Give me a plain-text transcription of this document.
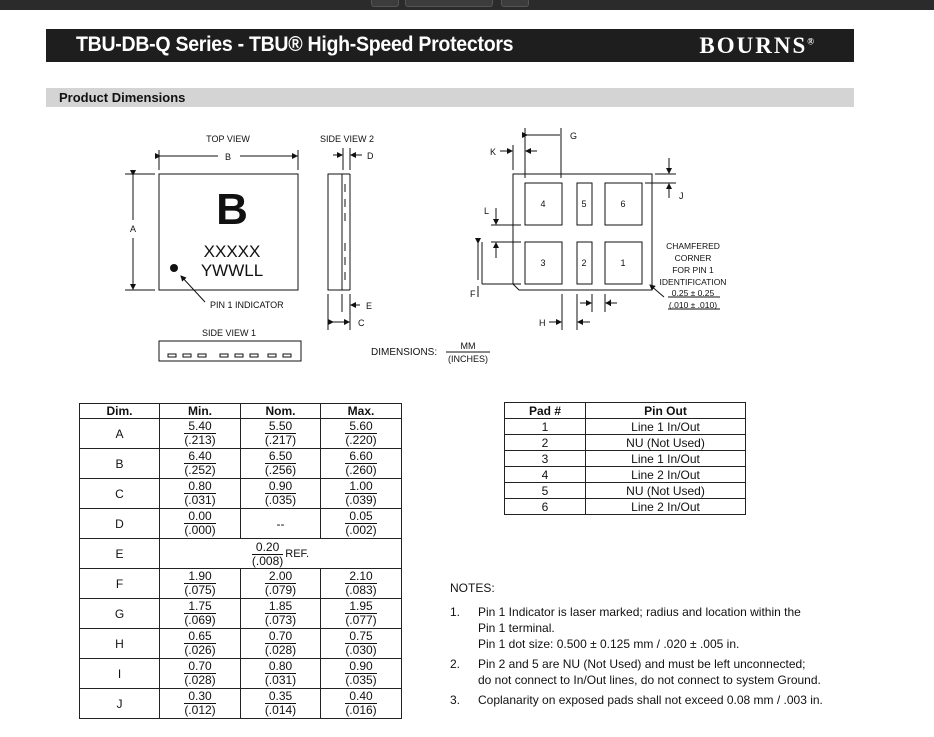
TBU-DB-Q Series - TBU® High-Speed Protectors	BOURNS®
Product Dimensions
TOP VIEW
B
A B
XXXXX
YWWLL
PIN 1 INDICATOR
SIDE VIEW 2
D
E
C
SIDE VIEW 1
DIMENSIONS:
MM
(INCHES)
G
K
J
L
F
H
I
4	5	6
3	2	1
CHAMFERED
CORNER
FOR PIN 1
IDENTIFICATION
0.25 ± 0.25
(.010 ± .010)
Dim.	Min.	Nom.	Max.
A	$\frac{5.40}{(.213)}$	$\frac{5.50}{(.217)}$	$\frac{5.60}{(.220)}$

B	$\frac{6.40}{(.252)}$	$\frac{6.50}{(.256)}$	$\frac{6.60}{(.260)}$

C	$\frac{0.80}{(.031)}$	$\frac{0.90}{(.035)}$	$\frac{1.00}{(.039)}$

D	$\frac{0.00}{(.000)}$	--	$\frac{0.05}{(.002)}$

E	$\frac{0.20}{(.008)}$ REF.		

F	$\frac{1.90}{(.075)}$	$\frac{2.00}{(.079)}$	$\frac{2.10}{(.083)}$

G	$\frac{1.75}{(.069)}$	$\frac{1.85}{(.073)}$	$\frac{1.95}{(.077)}$

H	$\frac{0.65}{(.026)}$	$\frac{0.70}{(.028)}$	$\frac{0.75}{(.030)}$

I	$\frac{0.70}{(.028)}$	$\frac{0.80}{(.031)}$	$\frac{0.90}{(.035)}$

J	$\frac{0.30}{(.012)}$	$\frac{0.35}{(.014)}$	$\frac{0.40}{(.016)}$
Pad #	Pin Out
1	Line 1 In/Out
2	NU (Not Used)
3	Line 1 In/Out
4	Line 2 In/Out
5	NU (Not Used)
6	Line 2 In/Out
NOTES:
1. Pin 1 Indicator is laser marked; radius and location within the
Pin 1 terminal.
Pin 1 dot size: 0.500 ± 0.125 mm / .020 ± .005 in.
2. Pin 2 and 5 are NU (Not Used) and must be left unconnected;
do not connect to In/Out lines, do not connect to system Ground.
3. Coplanarity on exposed pads shall not exceed 0.08 mm / .003 in.
